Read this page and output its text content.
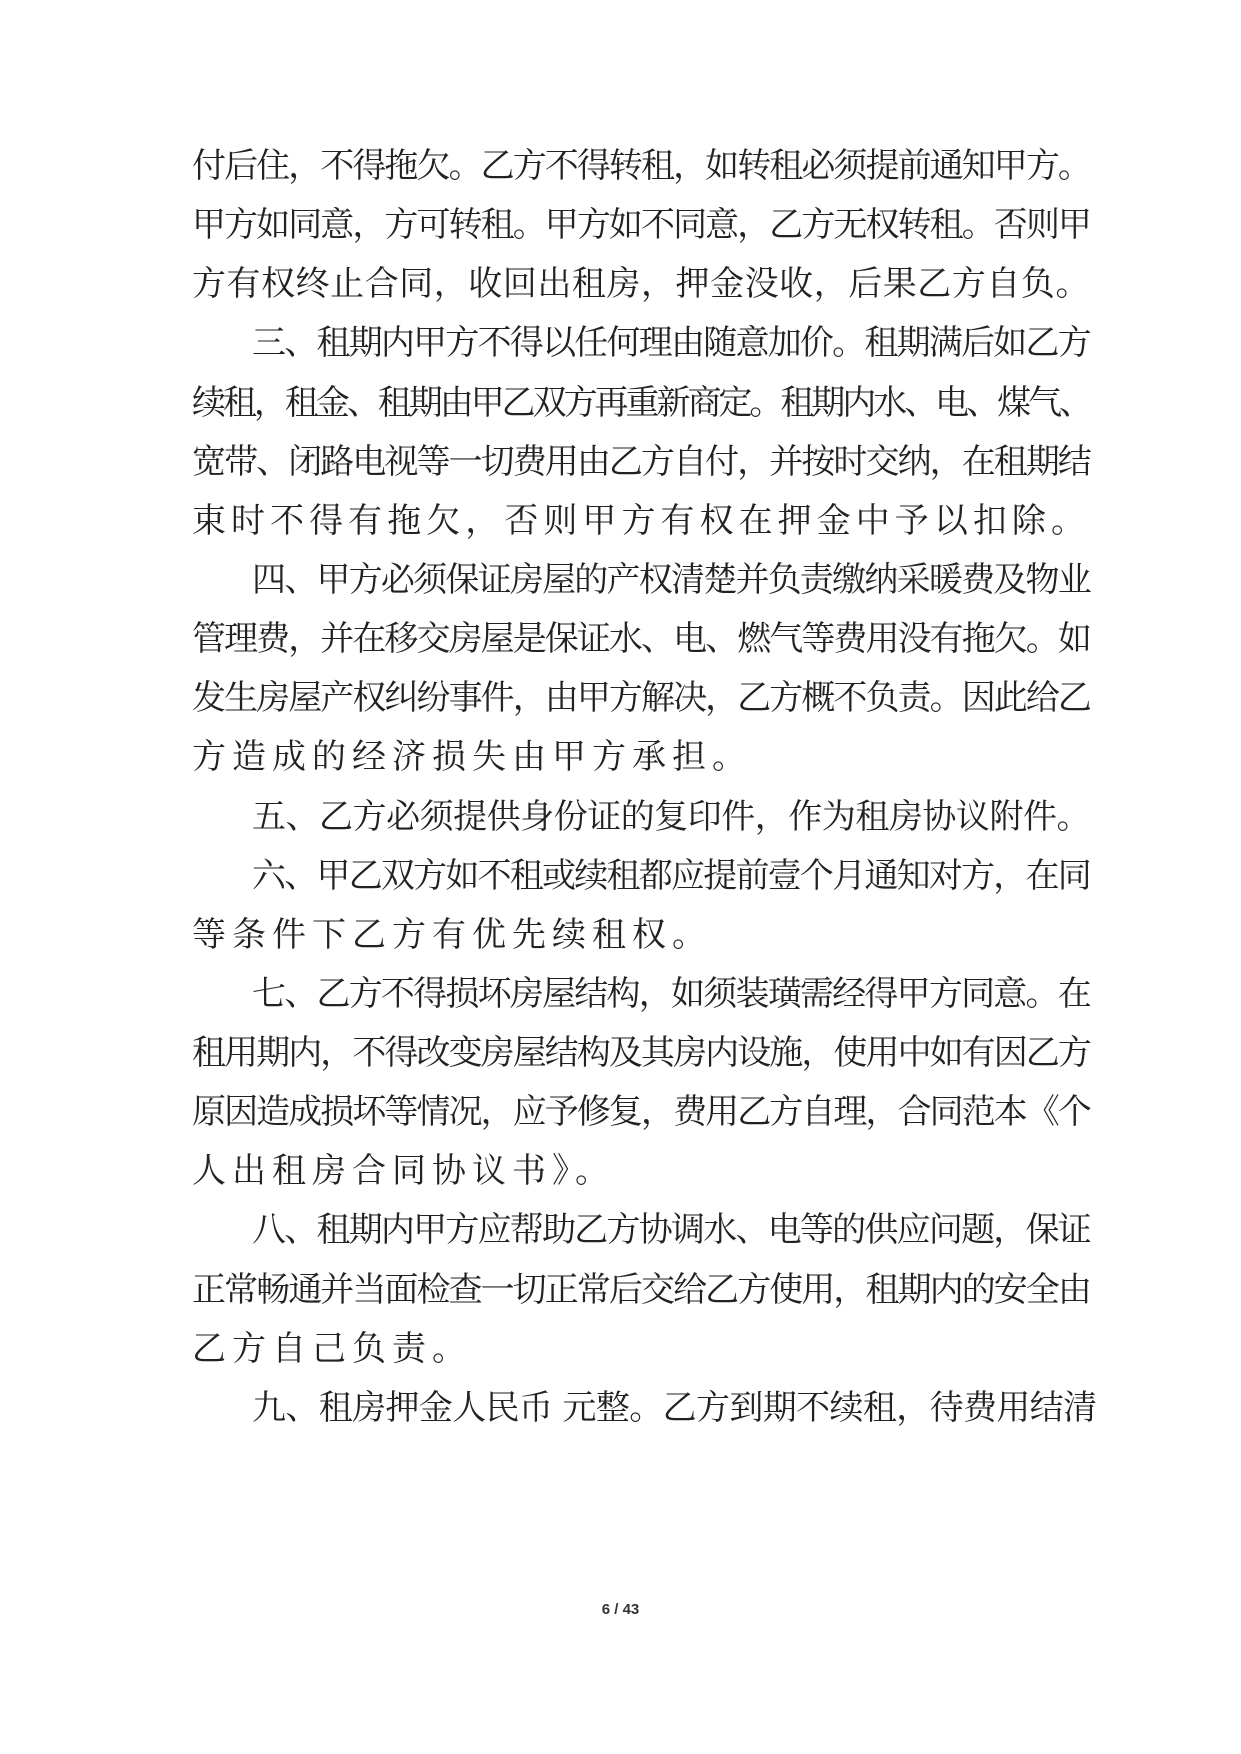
付后住，不得拖欠。乙方不得转租，如转租必须提前通知甲方。
甲方如同意，方可转租。甲方如不同意，乙方无权转租。否则甲
方有权终止合同，收回出租房，押金没收，后果乙方自负。
三、租期内甲方不得以任何理由随意加价。租期满后如乙方
续租，租金、租期由甲乙双方再重新商定。租期内水、电、煤气、
宽带、闭路电视等一切费用由乙方自付，并按时交纳，在租期结
束时不得有拖欠，否则甲方有权在押金中予以扣除。
四、甲方必须保证房屋的产权清楚并负责缴纳采暖费及物业
管理费，并在移交房屋是保证水、电、燃气等费用没有拖欠。如
发生房屋产权纠纷事件，由甲方解决，乙方概不负责。因此给乙
方造成的经济损失由甲方承担。
五、乙方必须提供身份证的复印件，作为租房协议附件。
六、甲乙双方如不租或续租都应提前壹个月通知对方，在同
等条件下乙方有优先续租权。
七、乙方不得损坏房屋结构，如须装璜需经得甲方同意。在
租用期内，不得改变房屋结构及其房内设施，使用中如有因乙方
原因造成损坏等情况，应予修复，费用乙方自理，合同范本《个
人出租房合同协议书》。
八、租期内甲方应帮助乙方协调水、电等的供应问题，保证
正常畅通并当面检查一切正常后交给乙方使用，租期内的安全由
乙方自己负责。
九、租房押金人民币 元整。乙方到期不续租，待费用结清
6 / 43
